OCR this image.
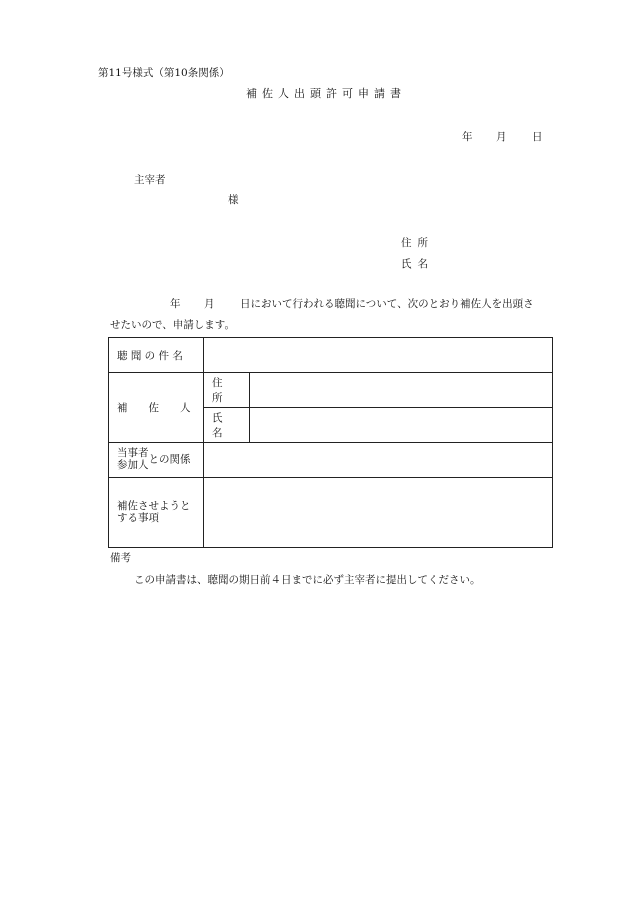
第11号様式（第10条関係）
補佐人出頭許可申請書
年 月 日
主宰者
様
住所
氏名
年 月 日において行われる聴聞について、次のとおり補佐人を出頭さ
せたいので、申請します。
聴 聞 の 件 名		
補　　佐　　人	住所	
	氏名	
当事者
参加人との関係		
補佐させようとする事項		
備考
この申請書は、聴聞の期日前４日までに必ず主宰者に提出してください。
